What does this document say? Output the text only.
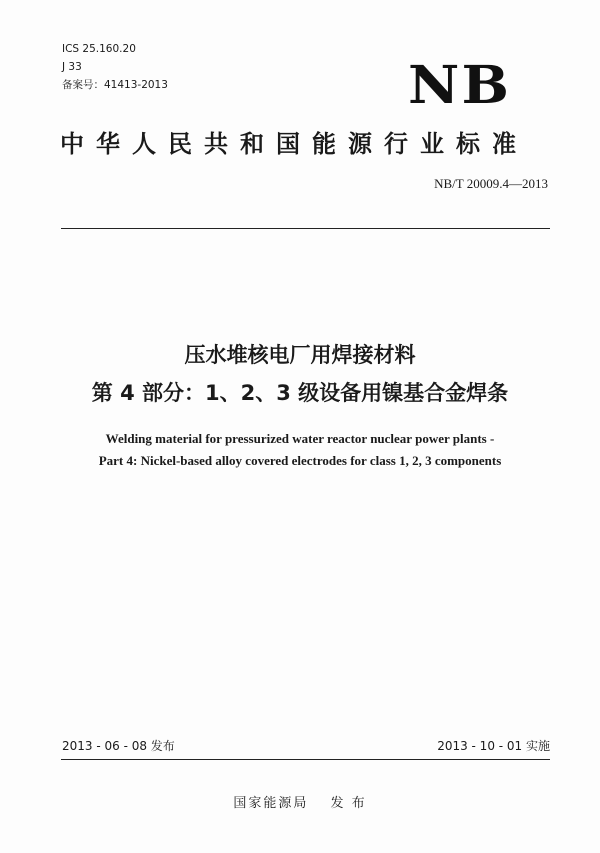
ICS 25.160.20
J 33
备案号：41413-2013	NB
中华人民共和国能源行业标准
NB/T 20009.4—2013
压水堆核电厂用焊接材料
第 4 部分：1、2、3 级设备用镍基合金焊条
Welding material for pressurized water reactor nuclear power plants -
Part 4: Nickel-based alloy covered electrodes for class 1, 2, 3 components
2013 - 06 - 08 发布	2013 - 10 - 01 实施
国家能源局 发 布
